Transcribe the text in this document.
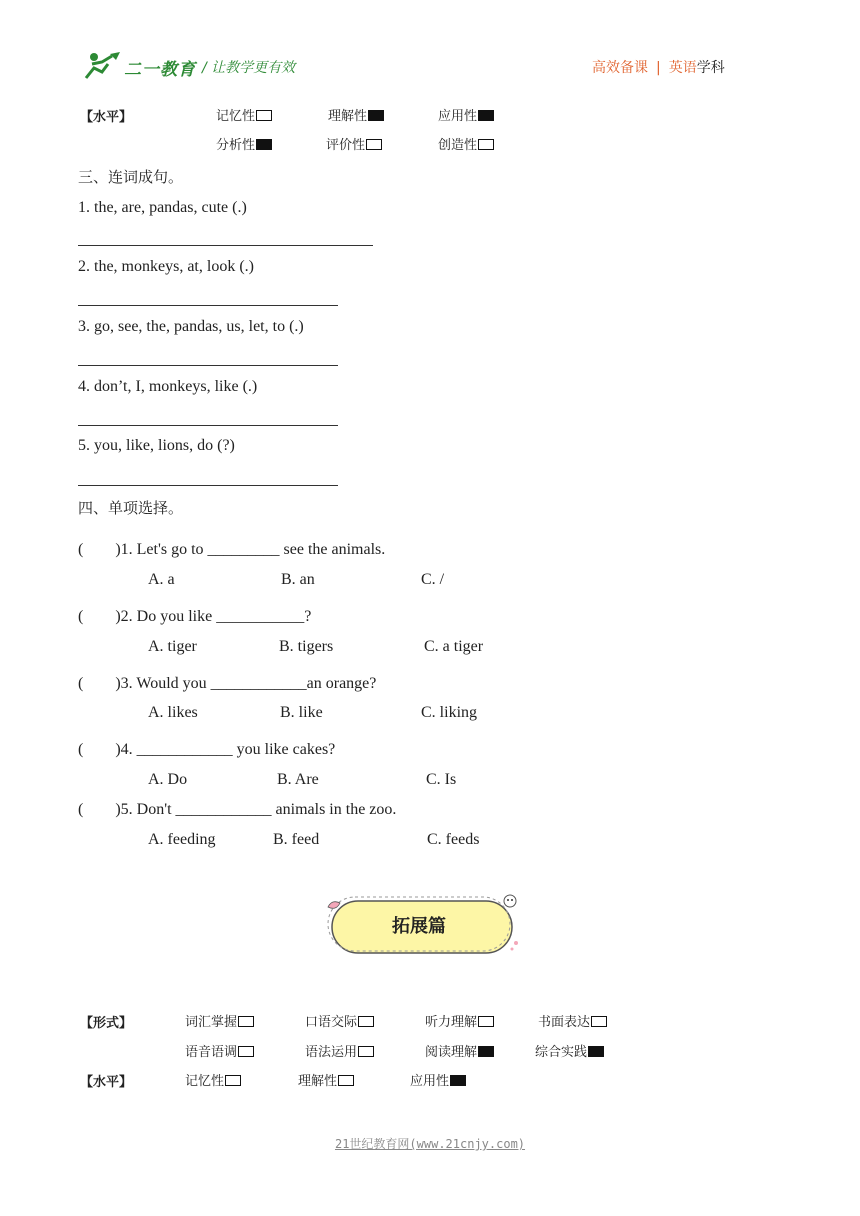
二一教育 / 让教学更有效	高效备课 | 英语学科
【水平】	记忆性	理解性	应用性
分析性	评价性	创造性
三、连词成句。
1. the, are, pandas, cute (.)
2. the, monkeys, at, look (.)
3. go, see, the, pandas, us, let, to (.)
4. don’t, I, monkeys, like (.)
5. you, like, lions, do (?)
四、单项选择。
(        )1. Let's go to _________ see the animals.
A. a	B. an	C. /
(        )2. Do you like ___________?
A. tiger	B. tigers	C. a tiger
(        )3. Would you ____________an orange?
A. likes	B. like	C. liking
(        )4. ____________ you like cakes?
A. Do	B. Are	C. Is
(        )5. Don't ____________ animals in the zoo.
A. feeding	B. feed	C. feeds
拓展篇
【形式】	词汇掌握	口语交际	听力理解	书面表达
语音语调	语法运用	阅读理解	综合实践
【水平】	记忆性	理解性	应用性
21世纪教育网(www.21cnjy.com)
